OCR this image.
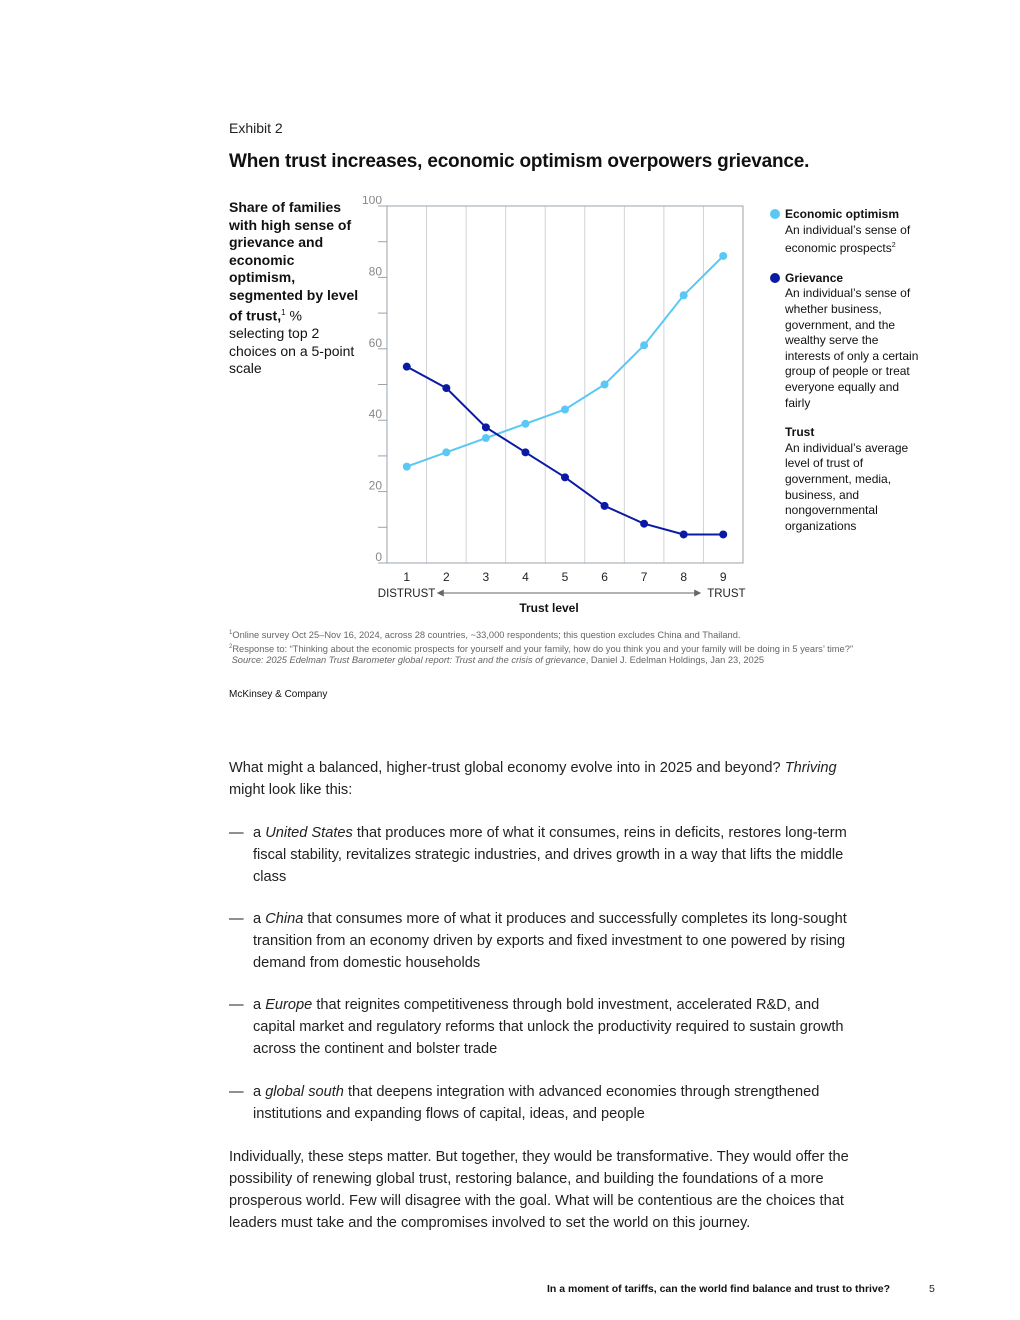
Exhibit 2
When trust increases, economic optimism overpowers grievance.
Share of families with high sense of grievance and economic optimism, segmented by level of trust,$^1$ % selecting top 2 choices on a 5-point scale
0
20
40
60
80
100
1	2	3	4	5	6	7	8	9
DISTRUST	TRUST
Trust level
Economic optimism
An individual’s sense of economic prospects$^2$
Grievance
An individual’s sense of whether business, government, and the wealthy serve the interests of only a certain group of people or treat everyone equally and fairly
Trust
An individual’s average level of trust of government, media, business, and nongovernmental organizations
$^1$Online survey Oct 25–Nov 16, 2024, across 28 countries, ~33,000 respondents; this question excludes China and Thailand.
$^2$Response to: “Thinking about the economic prospects for yourself and your family, how do you think you and your family will be doing in 5 years’ time?”
Source: 2025 Edelman Trust Barometer global report: Trust and the crisis of grievance, Daniel J. Edelman Holdings, Jan 23, 2025
McKinsey & Company
What might a balanced, higher-trust global economy evolve into in 2025 and beyond? Thriving might look like this:
— a United States that produces more of what it consumes, reins in deficits, restores long-term fiscal stability, revitalizes strategic industries, and drives growth in a way that lifts the middle class
— a China that consumes more of what it produces and successfully completes its long-sought transition from an economy driven by exports and fixed investment to one powered by rising demand from domestic households
— a Europe that reignites competitiveness through bold investment, accelerated R&D, and capital market and regulatory reforms that unlock the productivity required to sustain growth across the continent and bolster trade
— a global south that deepens integration with advanced economies through strengthened institutions and expanding flows of capital, ideas, and people
Individually, these steps matter. But together, they would be transformative. They would offer the possibility of renewing global trust, restoring balance, and building the foundations of a more prosperous world. Few will disagree with the goal. What will be contentious are the choices that leaders must take and the compromises involved to set the world on this journey.
In a moment of tariffs, can the world find balance and trust to thrive?	5
